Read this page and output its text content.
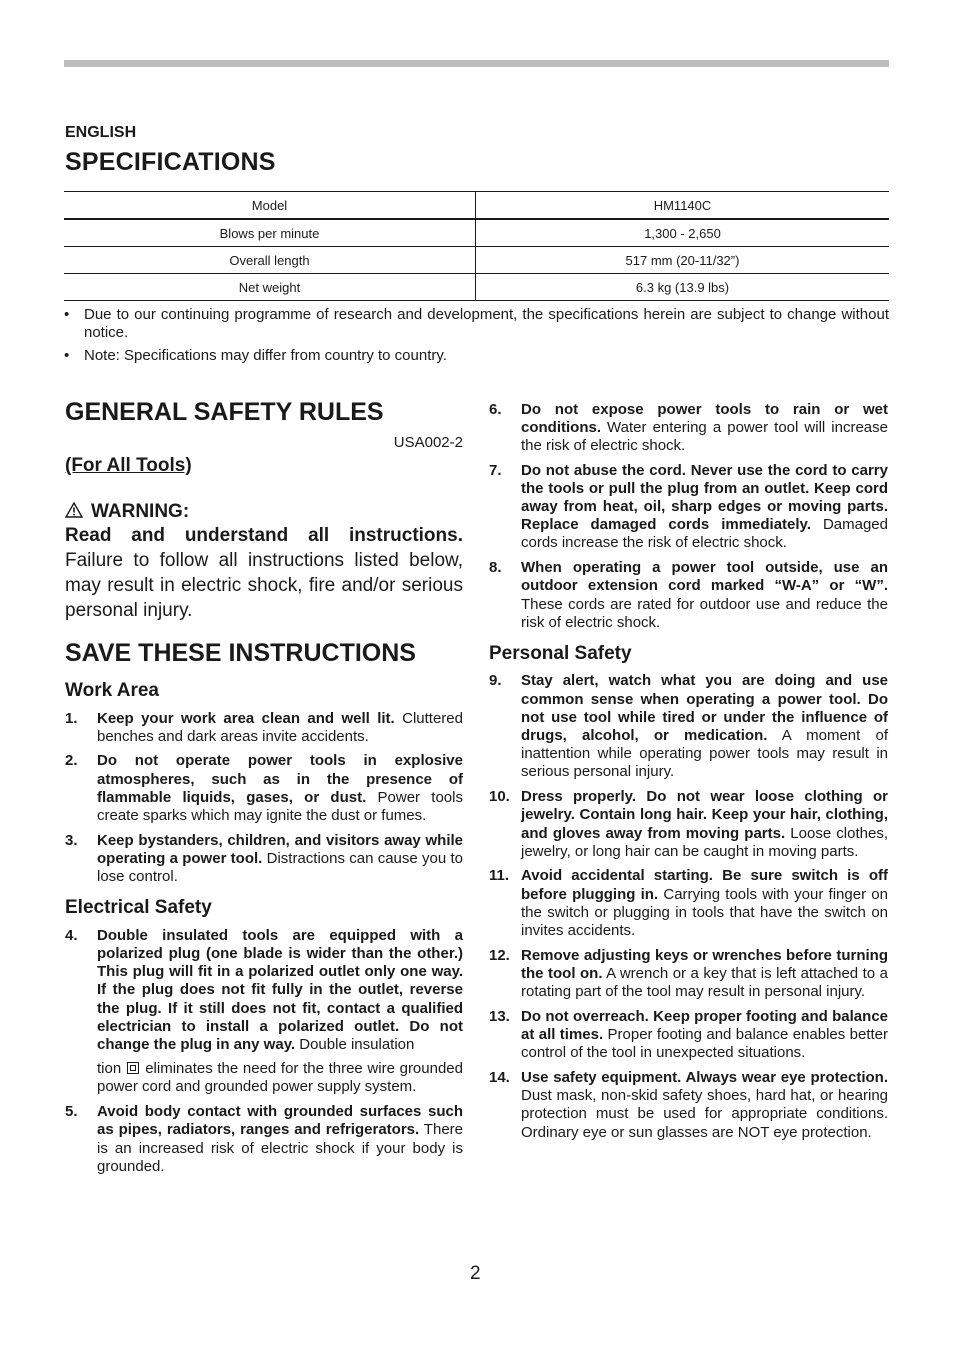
ENGLISH
SPECIFICATIONS
Model	HM1140C
Blows per minute	1,300 - 2,650
Overall length	517 mm (20-11/32”)
Net weight	6.3 kg (13.9 lbs)
• Due to our continuing programme of research and development, the specifications herein are subject to change without notice.
• Note: Specifications may differ from country to country.
GENERAL SAFETY RULES
USA002-2
(For All Tools)
WARNING:
Read and understand all instructions. Failure to follow all instructions listed below, may result in electric shock, fire and/or serious personal injury.
SAVE THESE INSTRUCTIONS
Work Area
1. Keep your work area clean and well lit. Cluttered benches and dark areas invite accidents.
2. Do not operate power tools in explosive atmospheres, such as in the presence of flammable liquids, gases, or dust. Power tools create sparks which may ignite the dust or fumes.
3. Keep bystanders, children, and visitors away while operating a power tool. Distractions can cause you to lose control.
Electrical Safety
4. Double insulated tools are equipped with a polarized plug (one blade is wider than the other.) This plug will fit in a polarized outlet only one way. If the plug does not fit fully in the outlet, reverse the plug. If it still does not fit, contact a qualified electrician to install a polarized outlet. Do not change the plug in any way. Double insulation
tion eliminates the need for the three wire grounded power cord and grounded power supply system.
5. Avoid body contact with grounded surfaces such as pipes, radiators, ranges and refrigerators. There is an increased risk of electric shock if your body is grounded.
6. Do not expose power tools to rain or wet conditions. Water entering a power tool will increase the risk of electric shock.
7. Do not abuse the cord. Never use the cord to carry the tools or pull the plug from an outlet. Keep cord away from heat, oil, sharp edges or moving parts. Replace damaged cords immediately. Damaged cords increase the risk of electric shock.
8. When operating a power tool outside, use an outdoor extension cord marked “W-A” or “W”. These cords are rated for outdoor use and reduce the risk of electric shock.
Personal Safety
9. Stay alert, watch what you are doing and use common sense when operating a power tool. Do not use tool while tired or under the influence of drugs, alcohol, or medication. A moment of inattention while operating power tools may result in serious personal injury.
10. Dress properly. Do not wear loose clothing or jewelry. Contain long hair. Keep your hair, clothing, and gloves away from moving parts. Loose clothes, jewelry, or long hair can be caught in moving parts.
11. Avoid accidental starting. Be sure switch is off before plugging in. Carrying tools with your finger on the switch or plugging in tools that have the switch on invites accidents.
12. Remove adjusting keys or wrenches before turning the tool on. A wrench or a key that is left attached to a rotating part of the tool may result in personal injury.
13. Do not overreach. Keep proper footing and balance at all times. Proper footing and balance enables better control of the tool in unexpected situations.
14. Use safety equipment. Always wear eye protection. Dust mask, non-skid safety shoes, hard hat, or hearing protection must be used for appropriate conditions. Ordinary eye or sun glasses are NOT eye protection.
2
